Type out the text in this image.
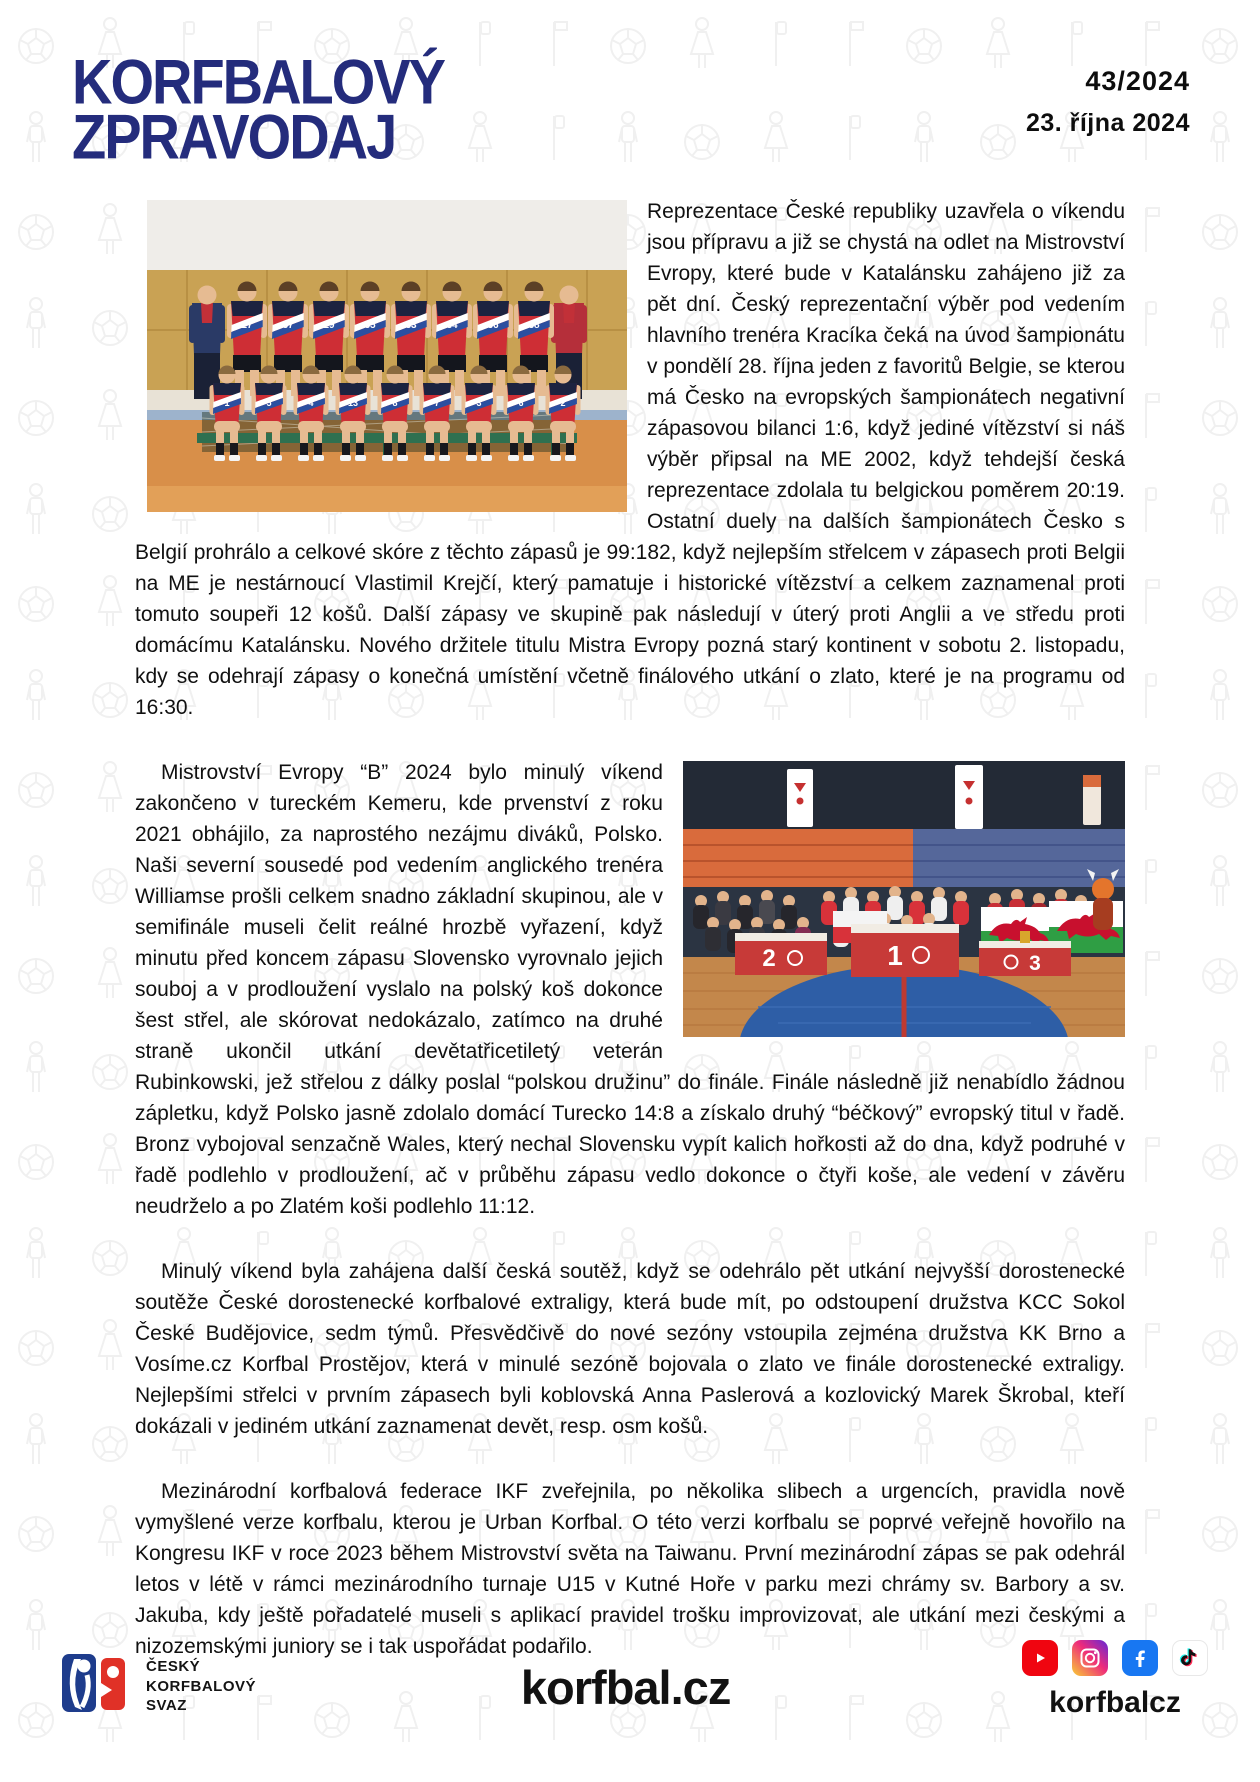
KORFBALOVÝ
ZPRAVODAJ
43/2024
23. října 2024
27	37	29	35	33	34	36	38
1	5	4	13	8	7	3	6	2

Reprezentace České republiky uzavřela o víkendu jsou přípravu a již se chystá na odlet na Mistrovství Evropy, které bude v Katalánsku zahájeno již za pět dní. Český reprezentační výběr pod vedením hlavního trenéra Kracíka čeká na úvod šampionátu v pondělí 28. října jeden z favoritů Belgie, se kterou má Česko na evropských šampionátech negativní zápasovou bilanci 1:6, když jediné vítězství si náš výběr připsal na ME 2002, když tehdejší česká reprezentace zdolala tu belgickou poměrem 20:19. Ostatní duely na dalších šampionátech Česko s Belgií prohrálo a celkové skóre z těchto zápasů je 99:182, když nejlepším střelcem v zápasech proti Belgii na ME je nestárnoucí Vlastimil Krejčí, který pamatuje i historické vítězství a celkem zaznamenal proti tomuto soupeři 12 košů. Další zápasy ve skupině pak následují v úterý proti Anglii a ve středu proti domácímu Katalánsku. Nového držitele titulu Mistra Evropy pozná starý kontinent v sobotu 2. listopadu, kdy se odehrají zápasy o konečná umístění včetně finálového utkání o zlato, které je na programu od 16:30.

2	1	3

Mistrovství Evropy “B” 2024 bylo minulý víkend zakončeno v tureckém Kemeru, kde prvenství z roku 2021 obhájilo, za naprostého nezájmu diváků, Polsko. Naši severní sousedé pod vedením anglického trenéra Williamse prošli celkem snadno základní skupinou, ale v semifinále museli čelit reálné hrozbě vyřazení, když minutu před koncem zápasu Slovensko vyrovnalo jejich souboj a v prodloužení vyslalo na polský koš dokonce šest střel, ale skórovat nedokázalo, zatímco na druhé straně ukončil utkání devětatřicetiletý veterán Rubinkowski, jež střelou z dálky poslal “polskou družinu” do finále. Finále následně již nenabídlo žádnou zápletku, když Polsko jasně zdolalo domácí Turecko 14:8 a získalo druhý “béčkový” evropský titul v řadě. Bronz vybojoval senzačně Wales, který nechal Slovensku vypít kalich hořkosti až do dna, když podruhé v řadě podlehlo v prodloužení, ač v průběhu zápasu vedlo dokonce o čtyři koše, ale vedení v závěru neudrželo a po Zlatém koši podlehlo 11:12.

Minulý víkend byla zahájena další česká soutěž, když se odehrálo pět utkání nejvyšší dorostenecké soutěže České dorostenecké korfbalové extraligy, která bude mít, po odstoupení družstva KCC Sokol České Budějovice, sedm týmů. Přesvědčivě do nové sezóny vstoupila zejména družstva KK Brno a Vosíme.cz Korfbal Prostějov, která v minulé sezóně bojovala o zlato ve finále dorostenecké extraligy. Nejlepšími střelci v prvním zápasech byli koblovská Anna Paslerová a kozlovický Marek Škrobal, kteří dokázali v jediném utkání zaznamenat devět, resp. osm košů.

Mezinárodní korfbalová federace IKF zveřejnila, po několika slibech a urgencích, pravidla nově vymyšlené verze korfbalu, kterou je Urban Korfbal. O této verzi korfbalu se poprvé veřejně hovořilo na Kongresu IKF v roce 2023 během Mistrovství světa na Taiwanu. První mezinárodní zápas se pak odehrál letos v létě v rámci mezinárodního turnaje U15 v Kutné Hoře v parku mezi chrámy sv. Barbory a sv. Jakuba, kdy ještě pořadatelé museli s aplikací pravidel trošku improvizovat, ale utkání mezi českými a nizozemskými juniory se i tak uspořádat podařilo.

ČESKÝ
KORFBALOVÝ
SVAZ	korfbal.cz	korfbalcz
